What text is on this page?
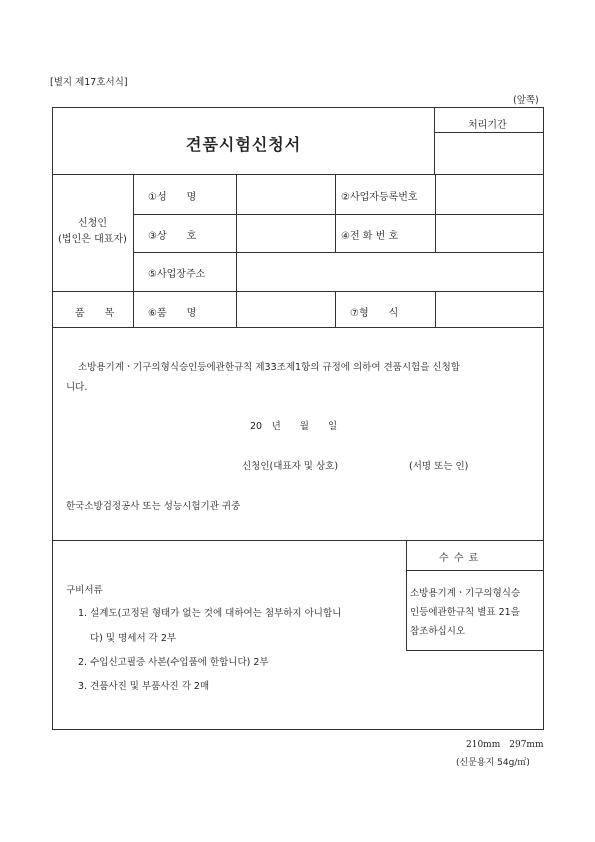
[별지 제17호서식]
(앞쪽)
견품시험신청서
처리기간
신청인
(법인은 대표자)
①성　　명	②사업자등록번호
③상　　호	④전 화 번 호
⑤사업장주소
품　　목	⑥품　　명	⑦형　　식
소방용기계ㆍ기구의형식승인등에관한규칙 제33조제1항의 규정에 의하여 견품시험을 신청합
니다.
20　년　　월　　일
신청인(대표자 및 상호)	(서명 또는 인)
한국소방검정공사 또는 성능시험기관 귀중
구비서류
1. 설계도(고정된 형태가 없는 것에 대하여는 첨부하지 아니합니
다) 및 명세서 각 2부
2. 수입신고필증 사본(수입품에 한합니다) 2부
3. 견품사진 및 부품사진 각 2매
수 수 료
소방용기계ㆍ기구의형식승
인등에관한규칙 별표 21을
참조하십시오
210mm　297mm
(신문용지 54g/㎡)
